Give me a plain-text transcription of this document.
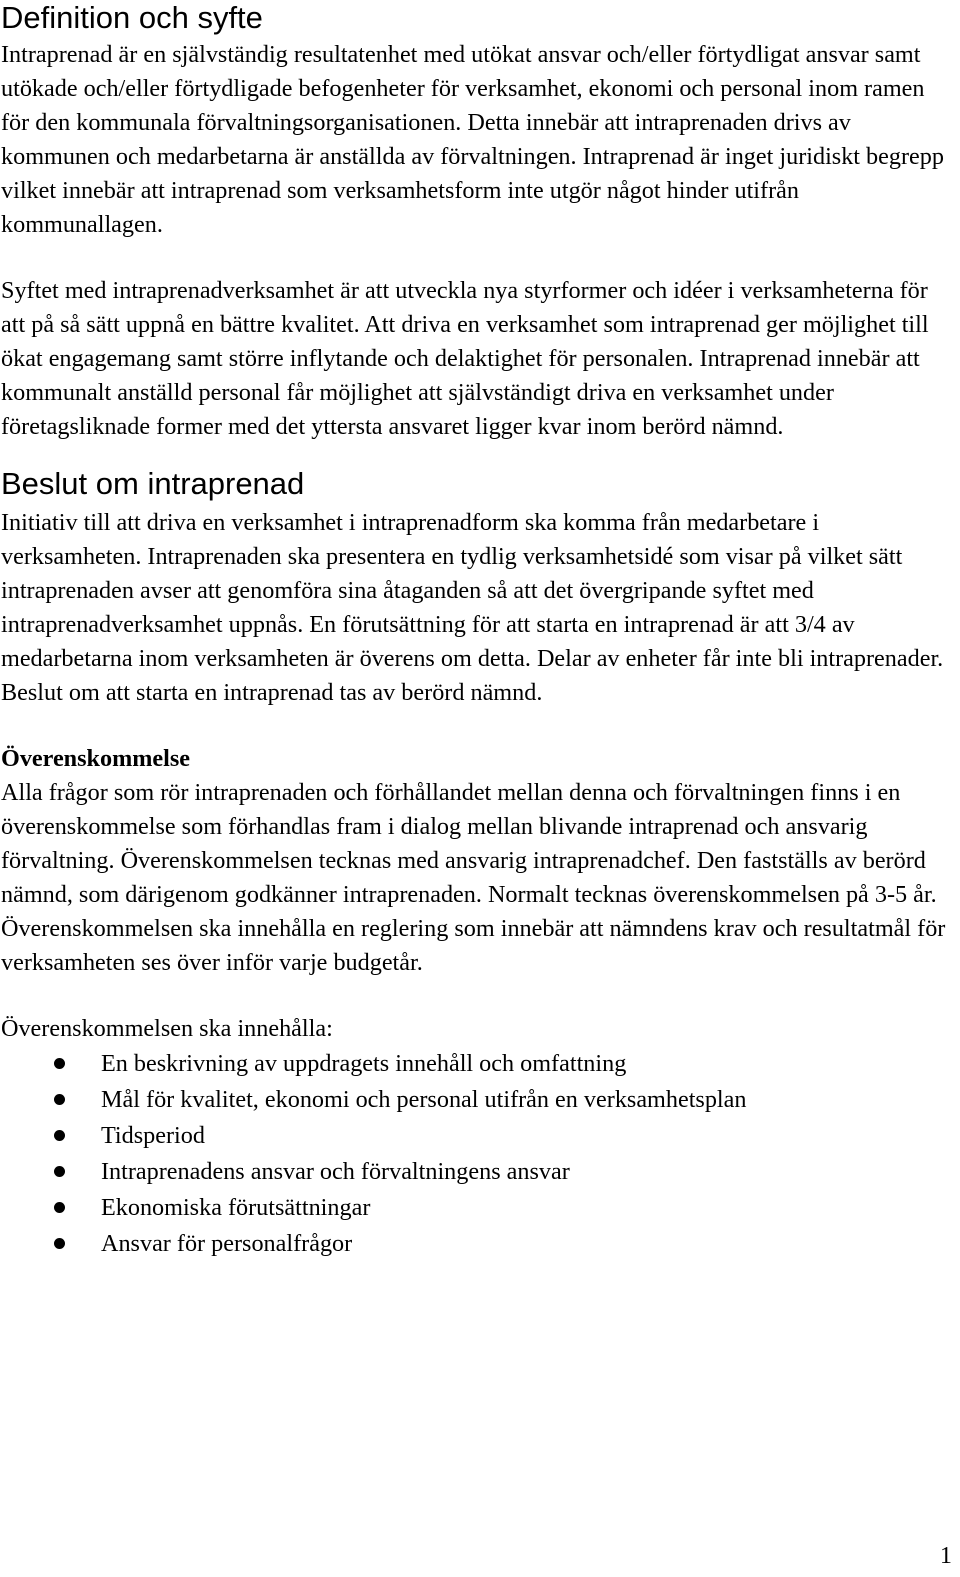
Definition och syfte

Intraprenad är en självständig resultatenhet med utökat ansvar och/eller förtydligat ansvar samt utökade och/eller förtydligade befogenheter för verksamhet, ekonomi och personal inom ramen för den kommunala förvaltningsorganisationen. Detta innebär att intraprenaden drivs av kommunen och medarbetarna är anställda av förvaltningen. Intraprenad är inget juridiskt begrepp vilket innebär att intraprenad som verksamhetsform inte utgör något hinder utifrån kommunallagen.

Syftet med intraprenadverksamhet är att utveckla nya styrformer och idéer i verksamheterna för att på så sätt uppnå en bättre kvalitet. Att driva en verksamhet som intraprenad ger möjlighet till ökat engagemang samt större inflytande och delaktighet för personalen. Intraprenad innebär att kommunalt anställd personal får möjlighet att självständigt driva en verksamhet under företagsliknade former med det yttersta ansvaret ligger kvar inom berörd nämnd.

Beslut om intraprenad

Initiativ till att driva en verksamhet i intraprenadform ska komma från medarbetare i verksamheten. Intraprenaden ska presentera en tydlig verksamhetsidé som visar på vilket sätt intraprenaden avser att genomföra sina åtaganden så att det övergripande syftet med intraprenadverksamhet uppnås. En förutsättning för att starta en intraprenad är att 3/4 av medarbetarna inom verksamheten är överens om detta. Delar av enheter får inte bli intraprenader. Beslut om att starta en intraprenad tas av berörd nämnd.

Överenskommelse

Alla frågor som rör intraprenaden och förhållandet mellan denna och förvaltningen finns i en överenskommelse som förhandlas fram i dialog mellan blivande intraprenad och ansvarig förvaltning. Överenskommelsen tecknas med ansvarig intraprenadchef. Den fastställs av berörd nämnd, som därigenom godkänner intraprenaden. Normalt tecknas överenskommelsen på 3-5 år. Överenskommelsen ska innehålla en reglering som innebär att nämndens krav och resultatmål för verksamheten ses över inför varje budgetår.

Överenskommelsen ska innehålla:

En beskrivning av uppdragets innehåll och omfattning
Mål för kvalitet, ekonomi och personal utifrån en verksamhetsplan
Tidsperiod
Intraprenadens ansvar och förvaltningens ansvar
Ekonomiska förutsättningar
Ansvar för personalfrågor
1
